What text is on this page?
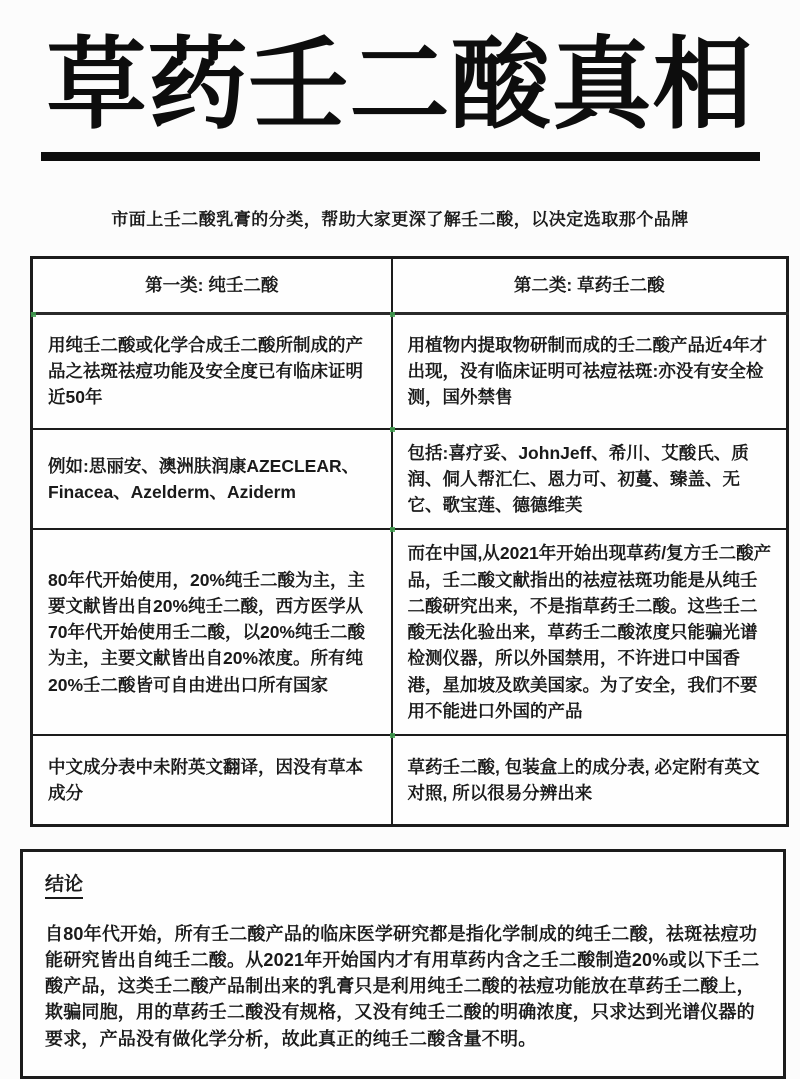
草药壬二酸真相
市面上壬二酸乳膏的分类，帮助大家更深了解壬二酸，以决定选取那个品牌
第一类: 纯壬二酸	第二类: 草药壬二酸
用纯壬二酸或化学合成壬二酸所制成的产品之祛斑祛痘功能及安全度已有临床证明近50年	用植物内提取物研制而成的壬二酸产品近4年才出现，没有临床证明可祛痘祛斑:亦没有安全检测，国外禁售
例如:思丽安、澳洲肤润康AZECLEAR、Finacea、Azelderm、Aziderm	包括:喜疗妥、JohnJeff、希川、艾酸氏、质润、侗人帮汇仁、恩力可、初蔓、臻盖、无它、歌宝莲、德德维芙
80年代开始使用，20%纯壬二酸为主，主要文献皆出自20%纯壬二酸，西方医学从70年代开始使用壬二酸，以20%纯壬二酸为主，主要文献皆出自20%浓度。所有纯20%壬二酸皆可自由进出口所有国家	而在中国,从2021年开始出现草药/复方壬二酸产品，壬二酸文献指出的祛痘祛斑功能是从纯壬二酸研究出来，不是指草药壬二酸。这些壬二酸无法化验出来，草药壬二酸浓度只能骗光谱检测仪器，所以外国禁用，不许进口中国香港，星加坡及欧美国家。为了安全，我们不要用不能进口外国的产品
中文成分表中未附英文翻译，因没有草本成分	草药壬二酸, 包装盒上的成分表, 必定附有英文对照, 所以很易分辨出来
结论
自80年代开始，所有壬二酸产品的临床医学研究都是指化学制成的纯壬二酸，祛斑祛痘功能研究皆出自纯壬二酸。从2021年开始国内才有用草药内含之壬二酸制造20%或以下壬二酸产品，这类壬二酸产品制出来的乳膏只是利用纯壬二酸的祛痘功能放在草药壬二酸上，欺骗同胞，用的草药壬二酸没有规格，又没有纯壬二酸的明确浓度，只求达到光谱仪器的要求，产品没有做化学分析，故此真正的纯壬二酸含量不明。
